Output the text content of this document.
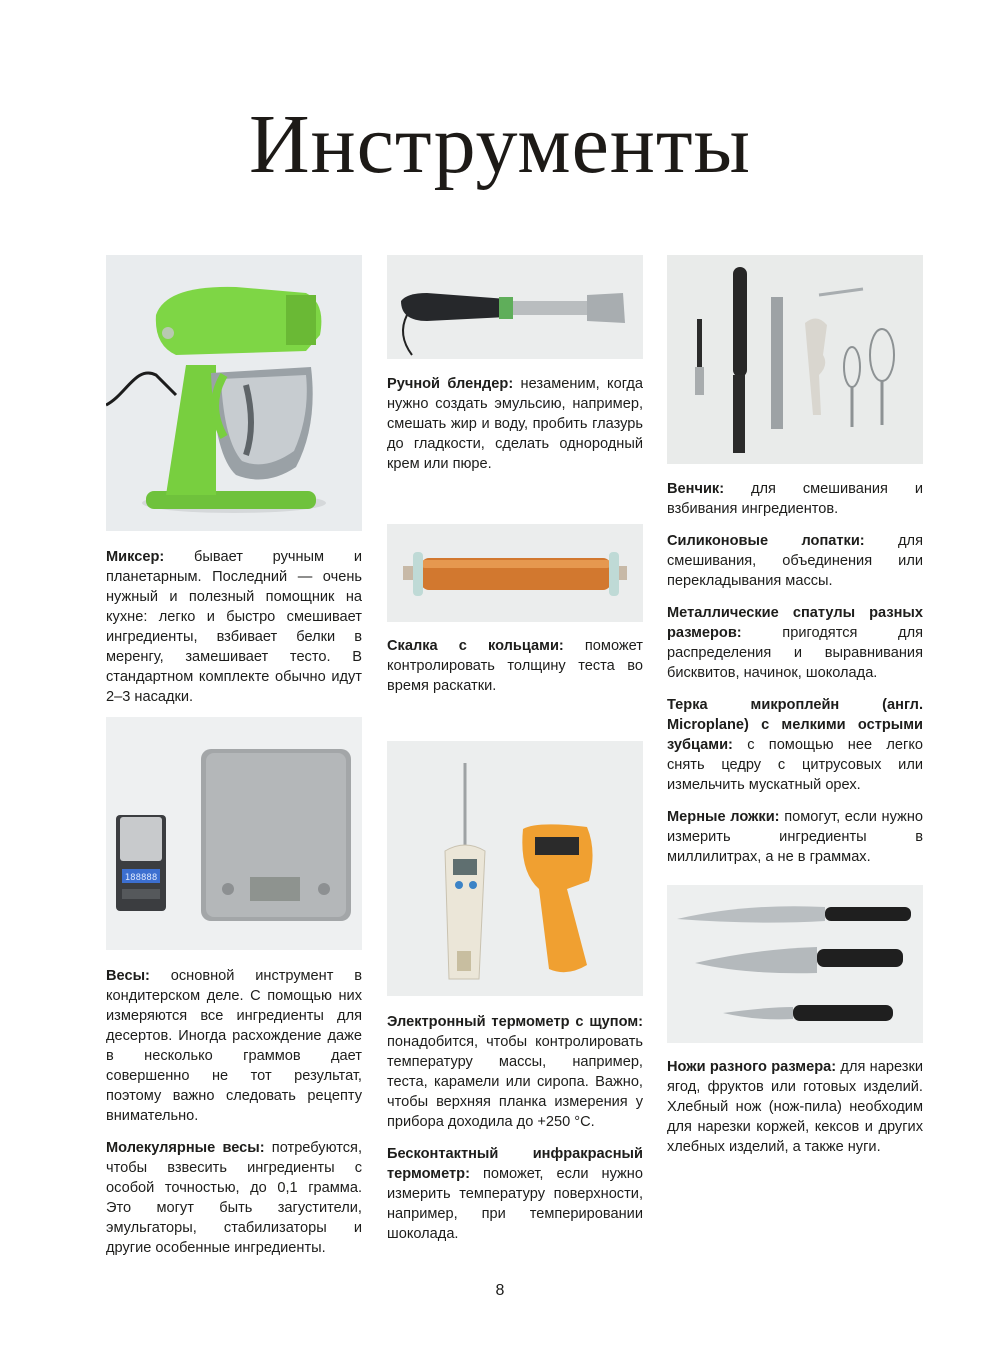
Инструменты
188888

Миксер: бывает ручным и планетарным. Последний — очень нужный и полезный помощник на кухне: легко и быстро смешивает ингредиенты, взбивает белки в меренгу, замешивает тесто. В стандартном комплекте обычно идут 2–3 насадки.

Весы: основной инструмент в кондитерском деле. С помощью них измеряются все ингредиенты для десертов. Иногда расхождение даже в несколько граммов дает совершенно не тот результат, поэтому важно следовать рецепту внимательно.

Молекулярные весы: потребуются, чтобы взвесить ингредиенты с особой точностью, до 0,1 грамма. Это могут быть загустители, эмульгаторы, стабилизаторы и другие особенные ингредиенты.

Ручной блендер: незаменим, когда нужно создать эмульсию, например, смешать жир и воду, пробить глазурь до гладкости, сделать однородный крем или пюре.

Скалка с кольцами: поможет контролировать толщину теста во время раскатки.

Электронный термометр с щупом: понадобится, чтобы контролировать температуру массы, например, теста, карамели или сиропа. Важно, чтобы верхняя планка измерения у прибора доходила до +250 °С.

Бесконтактный инфракрасный термометр: поможет, если нужно измерить температуру поверхности, например, при темперировании шоколада.

Венчик: для смешивания и взбивания ингредиентов.

Силиконовые лопатки: для смешивания, объединения или перекладывания массы.

Металлические спатулы разных размеров: пригодятся для распределения и выравнивания бисквитов, начинок, шоколада.

Терка микроплейн (англ. Microplane) с мелкими острыми зубцами: с помощью нее легко снять цедру с цитрусовых или измельчить мускатный орех.

Мерные ложки: помогут, если нужно измерить ингредиенты в миллилитрах, а не в граммах.

Ножи разного размера: для нарезки ягод, фруктов или готовых изделий. Хлебный нож (нож-пила) необходим для нарезки коржей, кексов и других хлебных изделий, а также нуги.

8
